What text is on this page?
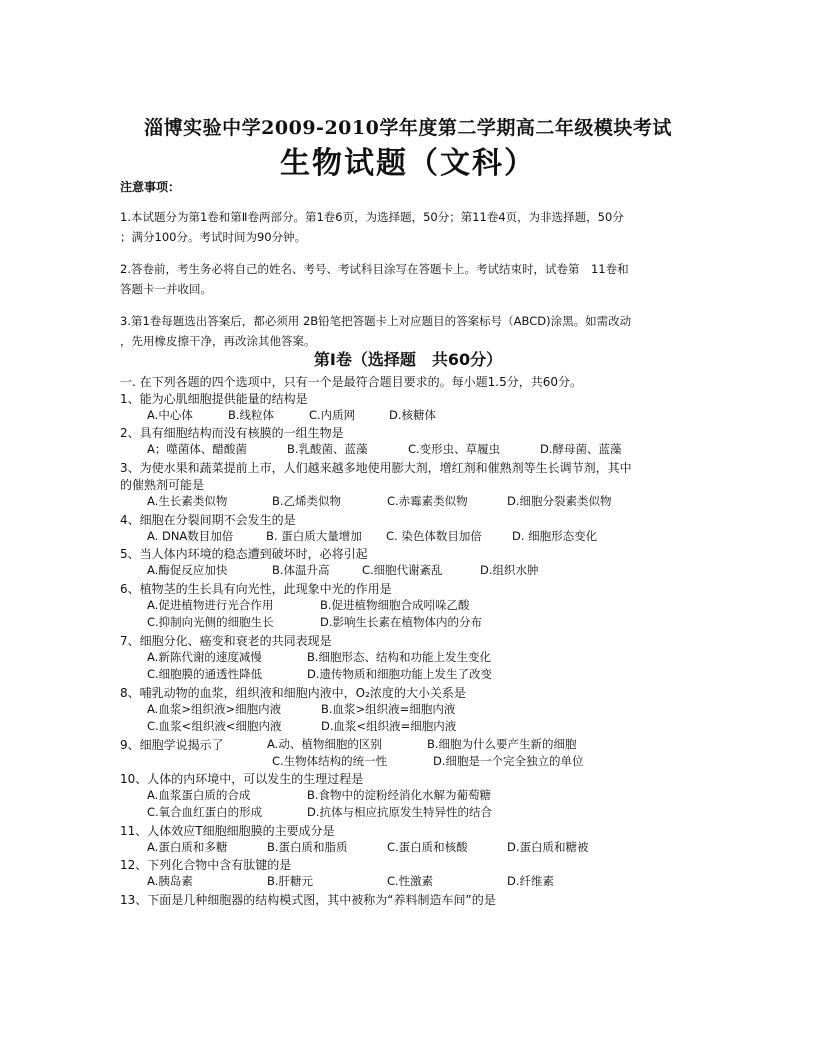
淄博实验中学2009-2010学年度第二学期高二年级模块考试
生物试题（文科）
注意事项：
1.本试题分为第1卷和第Ⅱ卷两部分。第1卷6页，为选择题，50分；第11卷4页，为非选择题，50分
；满分100分。考试时间为90分钟。
2.答卷前，考生务必将自己的姓名、考号、考试科目涂写在答题卡上。考试结束时，试卷第　11卷和
答题卡一并收回。
3.第1卷每题选出答案后，都必须用 2B铅笔把答题卡上对应题目的答案标号（ABCD)涂黑。如需改动
，先用橡皮擦干净，再改涂其他答案。
第Ⅰ卷（选择题　共60分）
一. 在下列各题的四个选项中，只有一个是最符合题目要求的。每小题1.5分，共60分。
1、能为心肌细胞提供能量的结构是
A.中心体	B.线粒体	C.内质网	D.核糖体
2、具有细胞结构而没有核膜的一组生物是
A；噬菌体、醋酸菌	B.乳酸菌、蓝藻	C.变形虫、草履虫	D.酵母菌、蓝藻
3、为使水果和蔬菜提前上市，人们越来越多地使用膨大剂，增红剂和催熟剂等生长调节剂，其中
的催熟剂可能是
A.生长素类似物	B.乙烯类似物	C.赤霉素类似物	D.细胞分裂素类似物
4、细胞在分裂间期不会发生的是
A. DNA数目加倍	B. 蛋白质大量增加 C. 染色体数目加倍	D. 细胞形态变化
5、当人体内环境的稳态遭到破坏时，必将引起
A.酶促反应加快	B.体温升高	C.细胞代谢紊乱	D.组织水肿
6、植物茎的生长具有向光性，此现象中光的作用是
A.促进植物进行光合作用	B.促进植物细胞合成吲哚乙酸
C.抑制向光侧的细胞生长	D.影响生长素在植物体内的分布
7、细胞分化、癌变和衰老的共同表现是
A.新陈代谢的速度减慢	B.细胞形态、结构和功能上发生变化
C.细胞膜的通透性降低	D.遗传物质和细胞功能上发生了改变
8、哺乳动物的血浆，组织液和细胞内液中，O₂浓度的大小关系是
A.血浆>组织液>细胞内液	B.血浆>组织液=细胞内液
C.血浆<组织液<细胞内液	D.血浆<组织液=细胞内液
9、细胞学说揭示了	A.动、植物细胞的区别	B.细胞为什么要产生新的细胞
C.生物体结构的统一性	D.细胞是一个完全独立的单位
10、人体的内环境中，可以发生的生理过程是
A.血浆蛋白质的合成	B.食物中的淀粉经消化水解为葡萄糖
C.氧合血红蛋白的形成	D.抗体与相应抗原发生特异性的结合
11、人体效应T细胞细胞膜的主要成分是
A.蛋白质和多糖	B.蛋白质和脂质	C.蛋白质和核酸	D.蛋白质和糖被
12、下列化合物中含有肽键的是
A.胰岛素	B.肝糖元	C.性激素	D.纤维素
13、下面是几种细胞器的结构模式图，其中被称为“养料制造车间”的是
